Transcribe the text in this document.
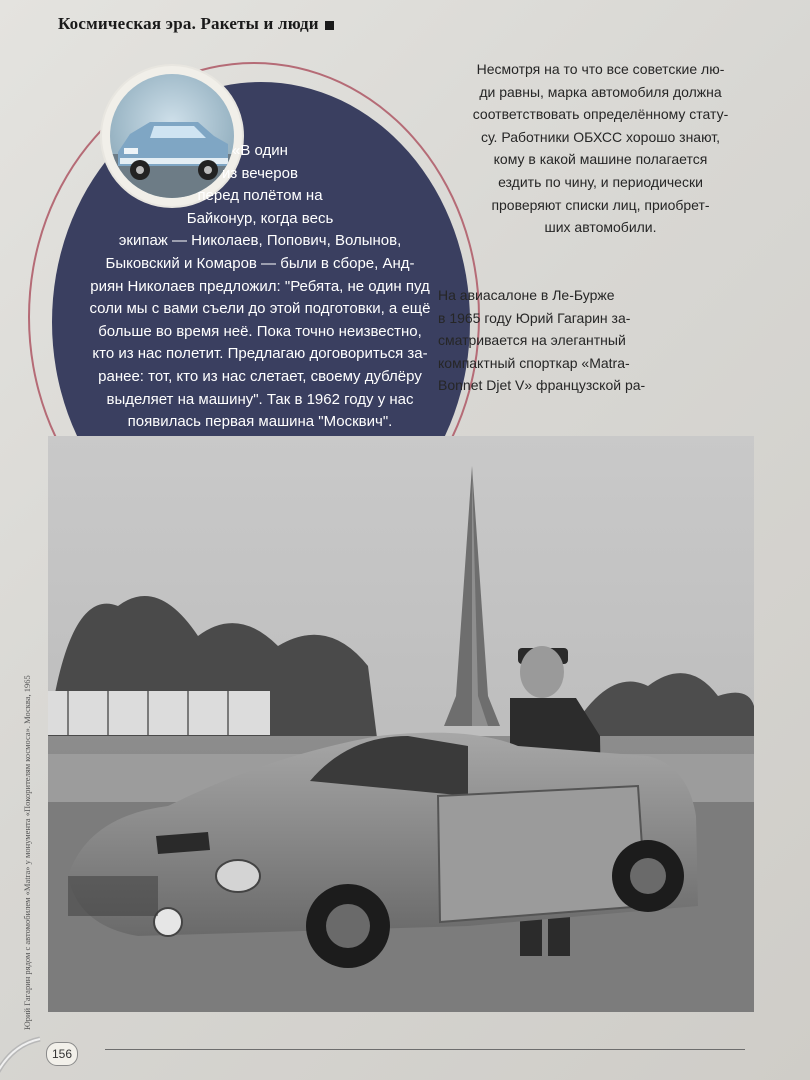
Космическая эра. Ракеты и люди
«В один
из вечеров
перед полётом на
Байконур, когда весь
экипаж — Николаев, Попович, Волынов,
Быковский и Комаров — были в сборе, Анд-
риян Николаев предложил: "Ребята, не один пуд
соли мы с вами съели до этой подготовки, а ещё
больше во время неё. Пока точно неизвестно,
кто из нас полетит. Предлагаю договориться за-
ранее: тот, кто из нас слетает, своему дублёру
выделяет на машину". Так в 1962 году у нас
появилась первая машина "Москвич".
Несмотря на то что все советские лю-
ди равны, марка автомобиля должна
соответствовать определённому стату-
су. Работники ОБХСС хорошо знают,
кому в какой машине полагается
ездить по чину, и периодически
проверяют списки лиц, приобрет-
ших автомобили.
На авиасалоне в Ле-Бурже
в 1965 году Юрий Гагарин за-
сматривается на элегантный
компактный спорткар «Matra-
Bonnet Djet V» французской ра-
Юрий Гагарин рядом с автомобилем «Matra» у монумента «Покорителям космоса». Москва, 1965
156
